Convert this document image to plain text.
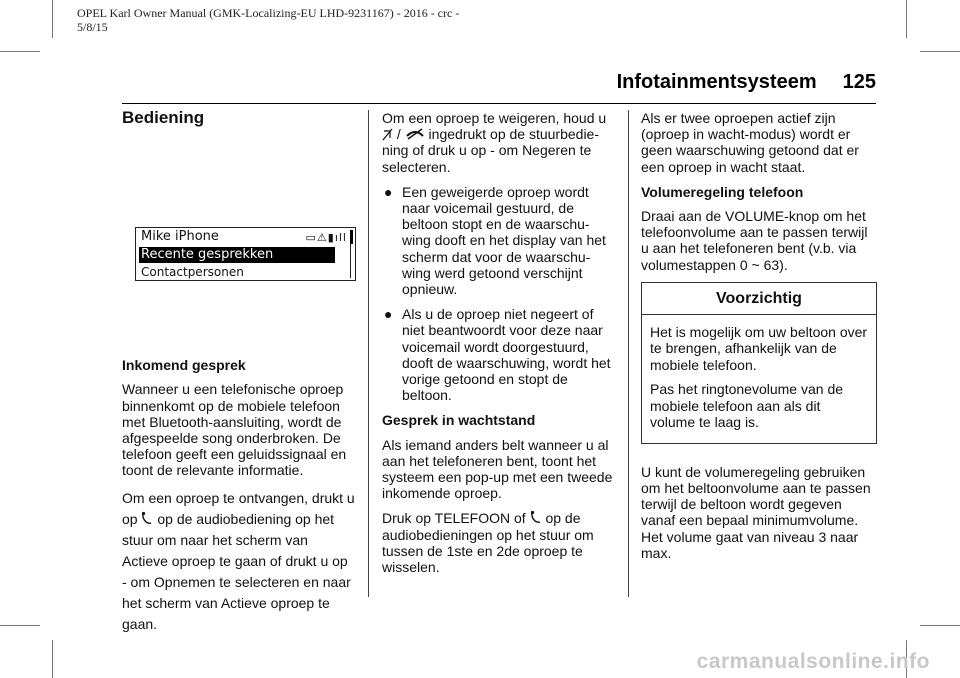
OPEL Karl Owner Manual (GMK-Localizing-EU LHD-9231167) - 2016 - crc -
5/8/15
Infotainmentsysteem 125
Bediening
Mike iPhone	▭⚠▮ıll
Recente gesprekken
Contactpersonen
Inkomend gesprek

Wanneer u een telefonische oproep binnenkomt op de mobiele telefoon met Bluetooth-aansluiting, wordt de afgespeelde song onderbroken. De telefoon geeft een geluidssignaal en toont de relevante informatie.

Om een oproep te ontvangen, drukt u op  op de audiobediening op het stuur om naar het scherm van Actieve oproep te gaan of drukt u op - om Opnemen te selecteren en naar het scherm van Actieve oproep te gaan.

Om een oproep te weigeren, houd u  /  ingedrukt op de stuurbedie- ning of druk u op - om Negeren te selecteren.

● Een geweigerde oproep wordt naar voicemail gestuurd, de beltoon stopt en de waarschu- wing dooft en het display van het scherm dat voor de waarschu- wing werd getoond verschijnt opnieuw.
● Als u de oproep niet negeert of niet beantwoordt voor deze naar voicemail wordt doorgestuurd, dooft de waarschuwing, wordt het vorige getoond en stopt de beltoon.
Gesprek in wachtstand

Als iemand anders belt wanneer u al aan het telefoneren bent, toont het systeem een pop-up met een tweede inkomende oproep.

Druk op TELEFOON of  op de audiobedieningen op het stuur om tussen de 1ste en 2de oproep te wisselen.

Als er twee oproepen actief zijn (oproep in wacht-modus) wordt er geen waarschuwing getoond dat er een oproep in wacht staat.

Volumeregeling telefoon

Draai aan de VOLUME-knop om het telefoonvolume aan te passen terwijl u aan het telefoneren bent (v.b. via volumestappen 0 ~ 63).

Voorzichtig

Het is mogelijk om uw beltoon over te brengen, afhankelijk van de mobiele telefoon.

Pas het ringtonevolume van de mobiele telefoon aan als dit volume te laag is.

U kunt de volumeregeling gebruiken om het beltoonvolume aan te passen terwijl de beltoon wordt gegeven vanaf een bepaal minimumvolume. Het volume gaat van niveau 3 naar max.

carmanualsonline.info
